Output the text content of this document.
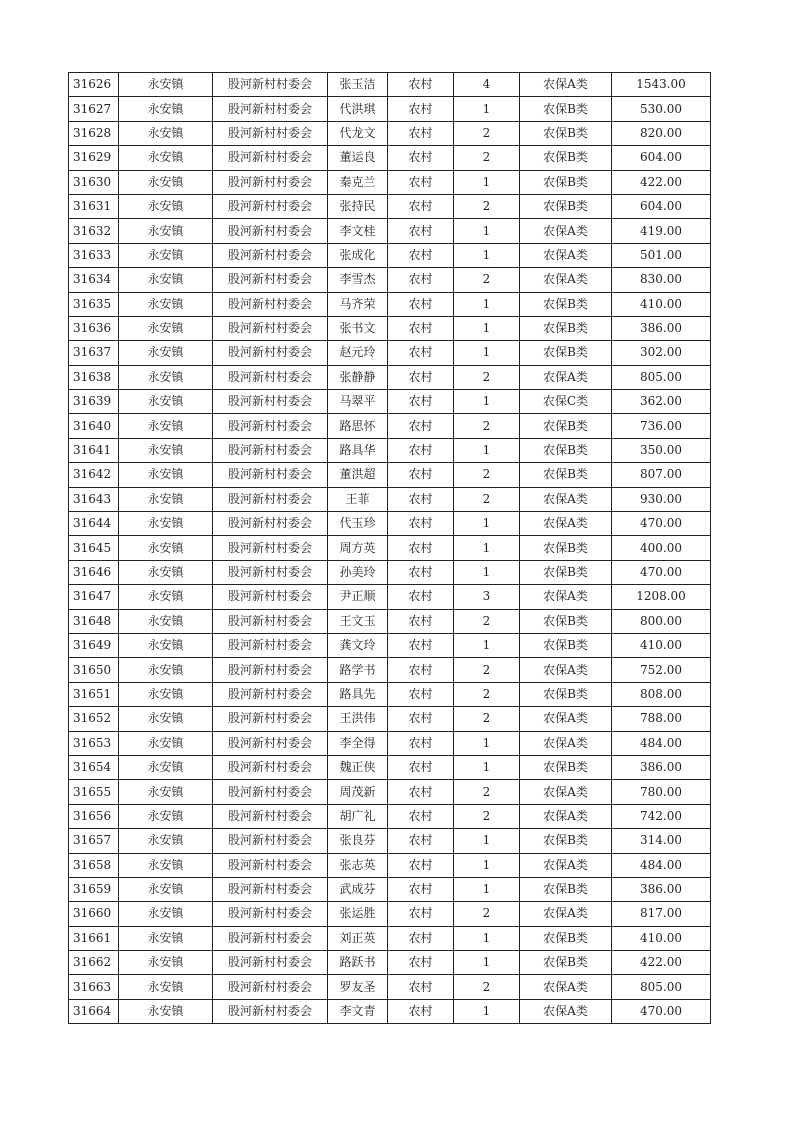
31626	永安镇	股河新村村委会	张玉洁	农村	4	农保A类	1543.00
31627	永安镇	股河新村村委会	代洪琪	农村	1	农保B类	530.00
31628	永安镇	股河新村村委会	代龙文	农村	2	农保B类	820.00
31629	永安镇	股河新村村委会	董运良	农村	2	农保B类	604.00
31630	永安镇	股河新村村委会	秦克兰	农村	1	农保B类	422.00
31631	永安镇	股河新村村委会	张持民	农村	2	农保B类	604.00
31632	永安镇	股河新村村委会	李文桂	农村	1	农保A类	419.00
31633	永安镇	股河新村村委会	张成化	农村	1	农保A类	501.00
31634	永安镇	股河新村村委会	李雪杰	农村	2	农保A类	830.00
31635	永安镇	股河新村村委会	马齐荣	农村	1	农保B类	410.00
31636	永安镇	股河新村村委会	张书文	农村	1	农保B类	386.00
31637	永安镇	股河新村村委会	赵元玲	农村	1	农保B类	302.00
31638	永安镇	股河新村村委会	张静静	农村	2	农保A类	805.00
31639	永安镇	股河新村村委会	马翠平	农村	1	农保C类	362.00
31640	永安镇	股河新村村委会	路思怀	农村	2	农保B类	736.00
31641	永安镇	股河新村村委会	路具华	农村	1	农保B类	350.00
31642	永安镇	股河新村村委会	董洪超	农村	2	农保B类	807.00
31643	永安镇	股河新村村委会	王菲	农村	2	农保A类	930.00
31644	永安镇	股河新村村委会	代玉珍	农村	1	农保A类	470.00
31645	永安镇	股河新村村委会	周方英	农村	1	农保B类	400.00
31646	永安镇	股河新村村委会	孙美玲	农村	1	农保B类	470.00
31647	永安镇	股河新村村委会	尹正顺	农村	3	农保A类	1208.00
31648	永安镇	股河新村村委会	王文玉	农村	2	农保B类	800.00
31649	永安镇	股河新村村委会	龚文玲	农村	1	农保B类	410.00
31650	永安镇	股河新村村委会	路学书	农村	2	农保A类	752.00
31651	永安镇	股河新村村委会	路具先	农村	2	农保B类	808.00
31652	永安镇	股河新村村委会	王洪伟	农村	2	农保A类	788.00
31653	永安镇	股河新村村委会	李全得	农村	1	农保A类	484.00
31654	永安镇	股河新村村委会	魏正侠	农村	1	农保B类	386.00
31655	永安镇	股河新村村委会	周茂新	农村	2	农保A类	780.00
31656	永安镇	股河新村村委会	胡广礼	农村	2	农保A类	742.00
31657	永安镇	股河新村村委会	张良芬	农村	1	农保B类	314.00
31658	永安镇	股河新村村委会	张志英	农村	1	农保A类	484.00
31659	永安镇	股河新村村委会	武成芬	农村	1	农保B类	386.00
31660	永安镇	股河新村村委会	张运胜	农村	2	农保A类	817.00
31661	永安镇	股河新村村委会	刘正英	农村	1	农保B类	410.00
31662	永安镇	股河新村村委会	路跃书	农村	1	农保B类	422.00
31663	永安镇	股河新村村委会	罗友圣	农村	2	农保A类	805.00
31664	永安镇	股河新村村委会	李文青	农村	1	农保A类	470.00
